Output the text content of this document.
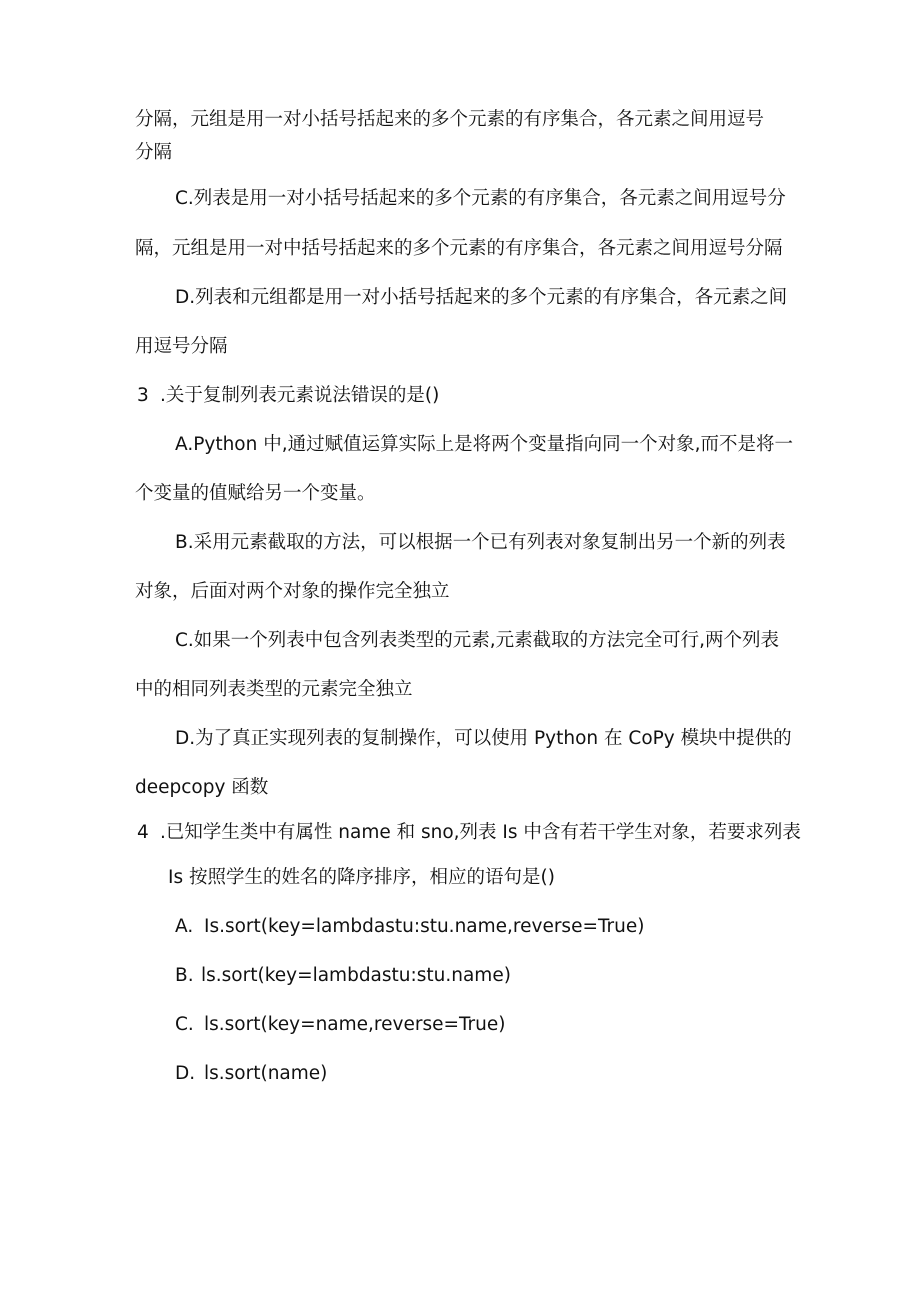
分隔，元组是用一对小括号括起来的多个元素的有序集合，各元素之间用逗号

分隔

C.列表是用一对小括号括起来的多个元素的有序集合，各元素之间用逗号分

隔，元组是用一对中括号括起来的多个元素的有序集合，各元素之间用逗号分隔

D.列表和元组都是用一对小括号括起来的多个元素的有序集合，各元素之间

用逗号分隔

3 .关于复制列表元素说法错误的是()

A.Python 中,通过赋值运算实际上是将两个变量指向同一个对象,而不是将一

个变量的值赋给另一个变量。

B.采用元素截取的方法，可以根据一个已有列表对象复制出另一个新的列表

对象，后面对两个对象的操作完全独立

C.如果一个列表中包含列表类型的元素,元素截取的方法完全可行,两个列表

中的相同列表类型的元素完全独立

D.为了真正实现列表的复制操作，可以使用 Python 在 CoPy 模块中提供的

deepcopy 函数

4 .已知学生类中有属性 name 和 sno,列表 Is 中含有若干学生对象，若要求列表

Is 按照学生的姓名的降序排序，相应的语句是()

A. Is.sort(key=lambdastu:stu.name,reverse=True)

B. ls.sort(key=lambdastu:stu.name)

C. ls.sort(key=name,reverse=True)

D. ls.sort(name)
